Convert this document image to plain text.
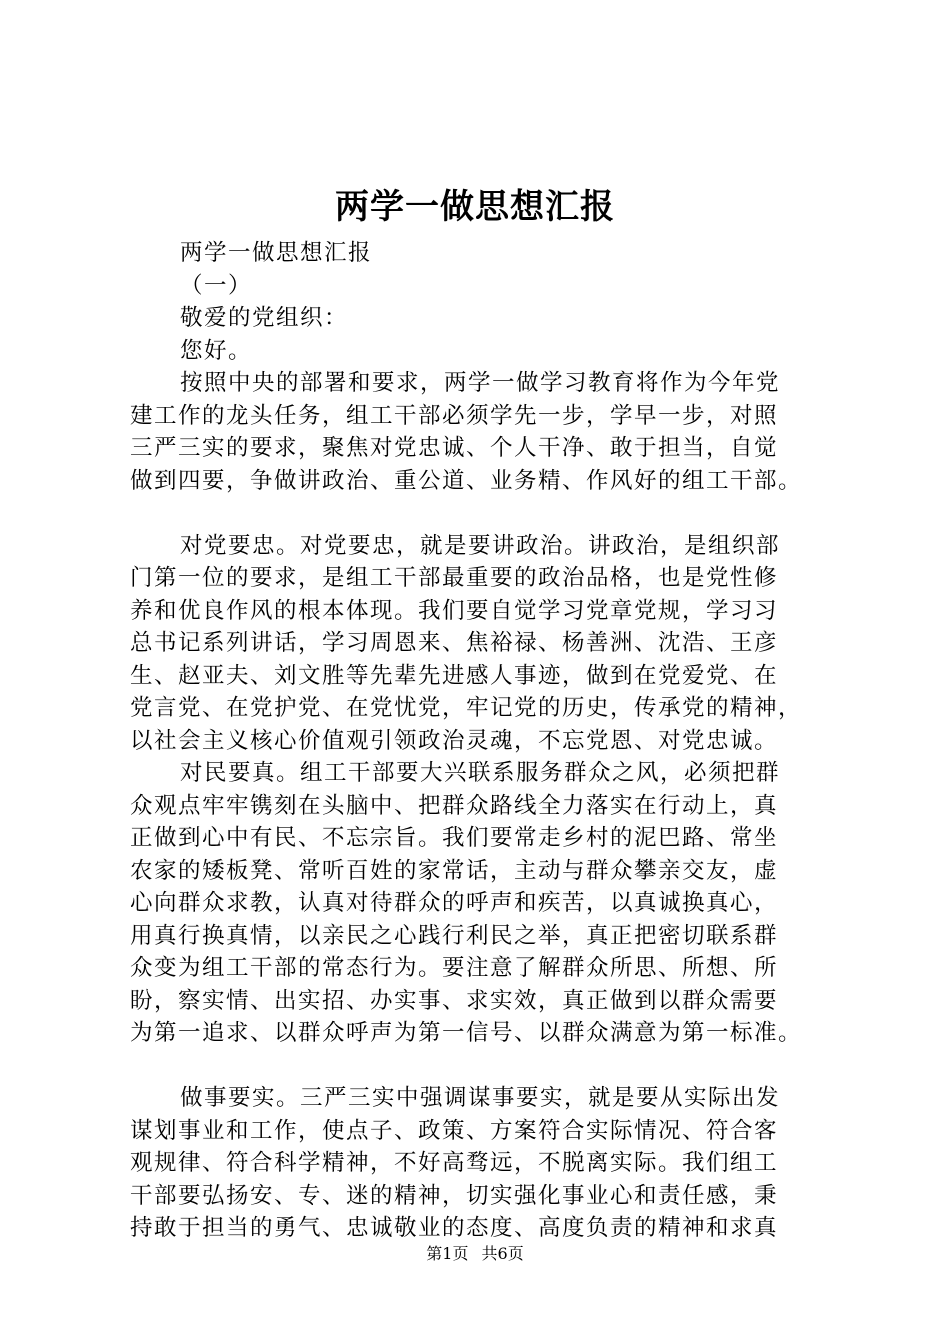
两学一做思想汇报
两学一做思想汇报
（一）
敬爱的党组织：
您好。
按照中央的部署和要求，两学一做学习教育将作为今年党
建工作的龙头任务，组工干部必须学先一步，学早一步，对照
三严三实的要求，聚焦对党忠诚、个人干净、敢于担当，自觉
做到四要，争做讲政治、重公道、业务精、作风好的组工干部。
对党要忠。对党要忠，就是要讲政治。讲政治，是组织部
门第一位的要求，是组工干部最重要的政治品格，也是党性修
养和优良作风的根本体现。我们要自觉学习党章党规，学习习
总书记系列讲话，学习周恩来、焦裕禄、杨善洲、沈浩、王彦
生、赵亚夫、刘文胜等先辈先进感人事迹，做到在党爱党、在
党言党、在党护党、在党忧党，牢记党的历史，传承党的精神，
以社会主义核心价值观引领政治灵魂，不忘党恩、对党忠诚。
对民要真。组工干部要大兴联系服务群众之风，必须把群
众观点牢牢镌刻在头脑中、把群众路线全力落实在行动上，真
正做到心中有民、不忘宗旨。我们要常走乡村的泥巴路、常坐
农家的矮板凳、常听百姓的家常话，主动与群众攀亲交友，虚
心向群众求教，认真对待群众的呼声和疾苦，以真诚换真心，
用真行换真情，以亲民之心践行利民之举，真正把密切联系群
众变为组工干部的常态行为。要注意了解群众所思、所想、所
盼，察实情、出实招、办实事、求实效，真正做到以群众需要
为第一追求、以群众呼声为第一信号、以群众满意为第一标准。
做事要实。三严三实中强调谋事要实，就是要从实际出发
谋划事业和工作，使点子、政策、方案符合实际情况、符合客
观规律、符合科学精神，不好高骛远，不脱离实际。我们组工
干部要弘扬安、专、迷的精神，切实强化事业心和责任感，秉
持敢于担当的勇气、忠诚敬业的态度、高度负责的精神和求真
第1页 共6页
